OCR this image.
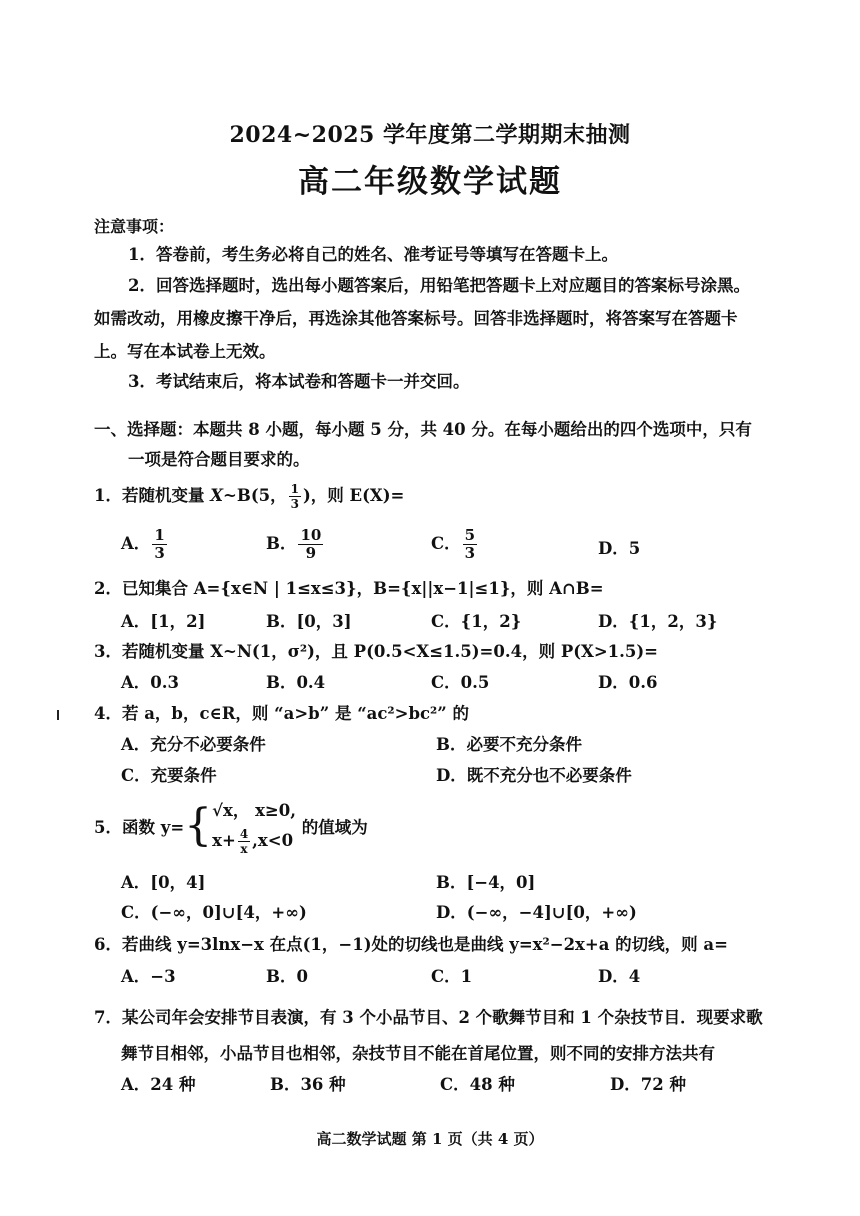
2024~2025 学年度第二学期期末抽测
高二年级数学试题
注意事项：
1．答卷前，考生务必将自己的姓名、准考证号等填写在答题卡上。
2．回答选择题时，选出每小题答案后，用铅笔把答题卡上对应题目的答案标号涂黑。如需改动，用橡皮擦干净后，再选涂其他答案标号。回答非选择题时，将答案写在答题卡上。写在本试卷上无效。
3．考试结束后，将本试卷和答题卡一并交回。
一、选择题：本题共 8 小题，每小题 5 分，共 40 分。在每小题给出的四个选项中，只有
一项是符合题目要求的。
1．若随机变量 X~B(5， $\frac{1}{3}$ )，则 E(X)=
A． $\frac{1}{3}$	B． $\frac{10}{9}$	C． $\frac{5}{3}$	D．5
2．已知集合 A={x∈N | 1≤x≤3}，B={x||x−1|≤1}，则 A∩B=
A．[1，2]	B．[0，3]	C．{1，2}	D．{1，2，3}
3．若随机变量 X~N(1，σ²)，且 P(0.5<X≤1.5)=0.4，则 P(X>1.5)=
A．0.3	B．0.4	C．0.5	D．0.6
4．若 a，b，c∈R，则 “a>b” 是 “ac²>bc²” 的
A．充分不必要条件	B．必要不充分条件
C．充要条件	D．既不充分也不必要条件
5．函数 y={ √x， x≥0,
$x+ \frac{4}{x} ,x<0$
的值域为
A．[0，4]	B．[−4，0]
C．(−∞，0]∪[4，+∞)	D．(−∞，−4]∪[0，+∞)
6．若曲线 y=3lnx−x 在点(1，−1)处的切线也是曲线 y=x²−2x+a 的切线，则 a=
A．−3	B．0	C．1	D．4
7．某公司年会安排节目表演，有 3 个小品节目、2 个歌舞节目和 1 个杂技节目．现要求歌
舞节目相邻，小品节目也相邻，杂技节目不能在首尾位置，则不同的安排方法共有
A．24 种	B．36 种	C．48 种	D．72 种
高二数学试题 第 1 页（共 4 页）
